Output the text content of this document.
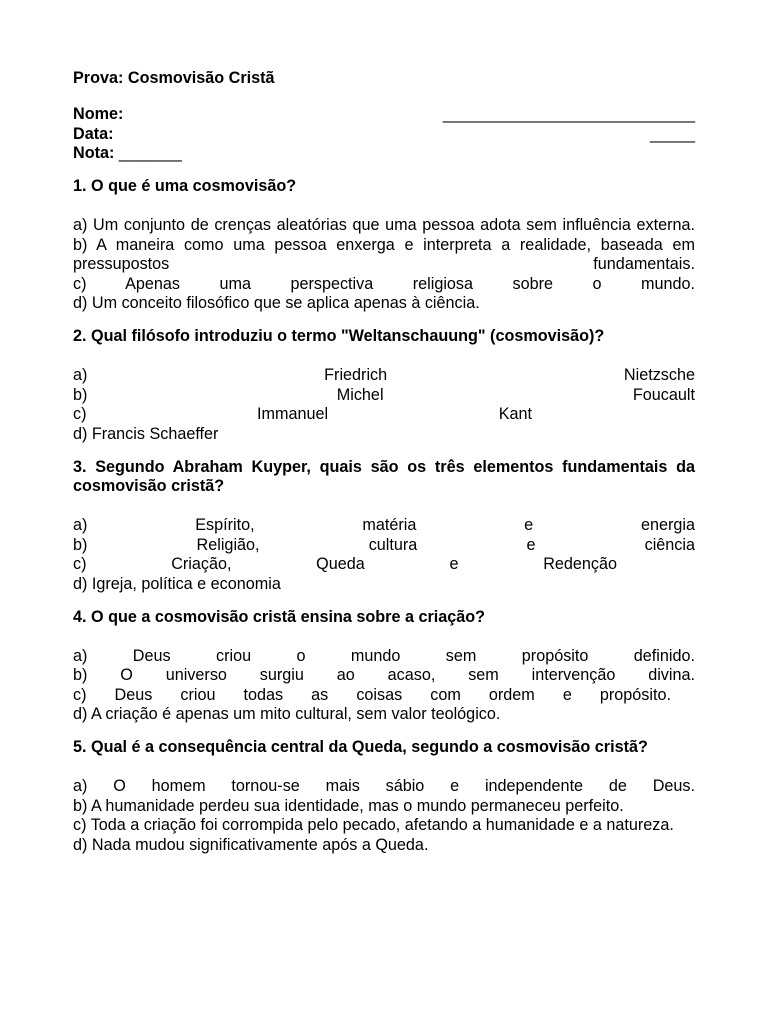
Prova: Cosmovisão Cristã

Nome:	____________________________
Data:	_____
Nota: _______

1. O que é uma cosmovisão?

a) Um conjunto de crenças aleatórias que uma pessoa adota sem influência externa.

b) A maneira como uma pessoa enxerga e interpreta a realidade, baseada em pressupostos fundamentais.

c) Apenas uma perspectiva religiosa sobre o mundo.

d) Um conceito filosófico que se aplica apenas à ciência.

2. Qual filósofo introduziu o termo "Weltanschauung" (cosmovisão)?

a) Friedrich Nietzsche

b) Michel Foucault

c) Immanuel Kant

d) Francis Schaeffer

3. Segundo Abraham Kuyper, quais são os três elementos fundamentais da cosmovisão cristã?

a) Espírito, matéria e energia

b) Religião, cultura e ciência

c) Criação, Queda e Redenção

d) Igreja, política e economia

4. O que a cosmovisão cristã ensina sobre a criação?

a) Deus criou o mundo sem propósito definido.

b) O universo surgiu ao acaso, sem intervenção divina.

c) Deus criou todas as coisas com ordem e propósito.

d) A criação é apenas um mito cultural, sem valor teológico.

5. Qual é a consequência central da Queda, segundo a cosmovisão cristã?

a) O homem tornou-se mais sábio e independente de Deus.

b) A humanidade perdeu sua identidade, mas o mundo permaneceu perfeito.

c) Toda a criação foi corrompida pelo pecado, afetando a humanidade e a natureza.

d) Nada mudou significativamente após a Queda.
